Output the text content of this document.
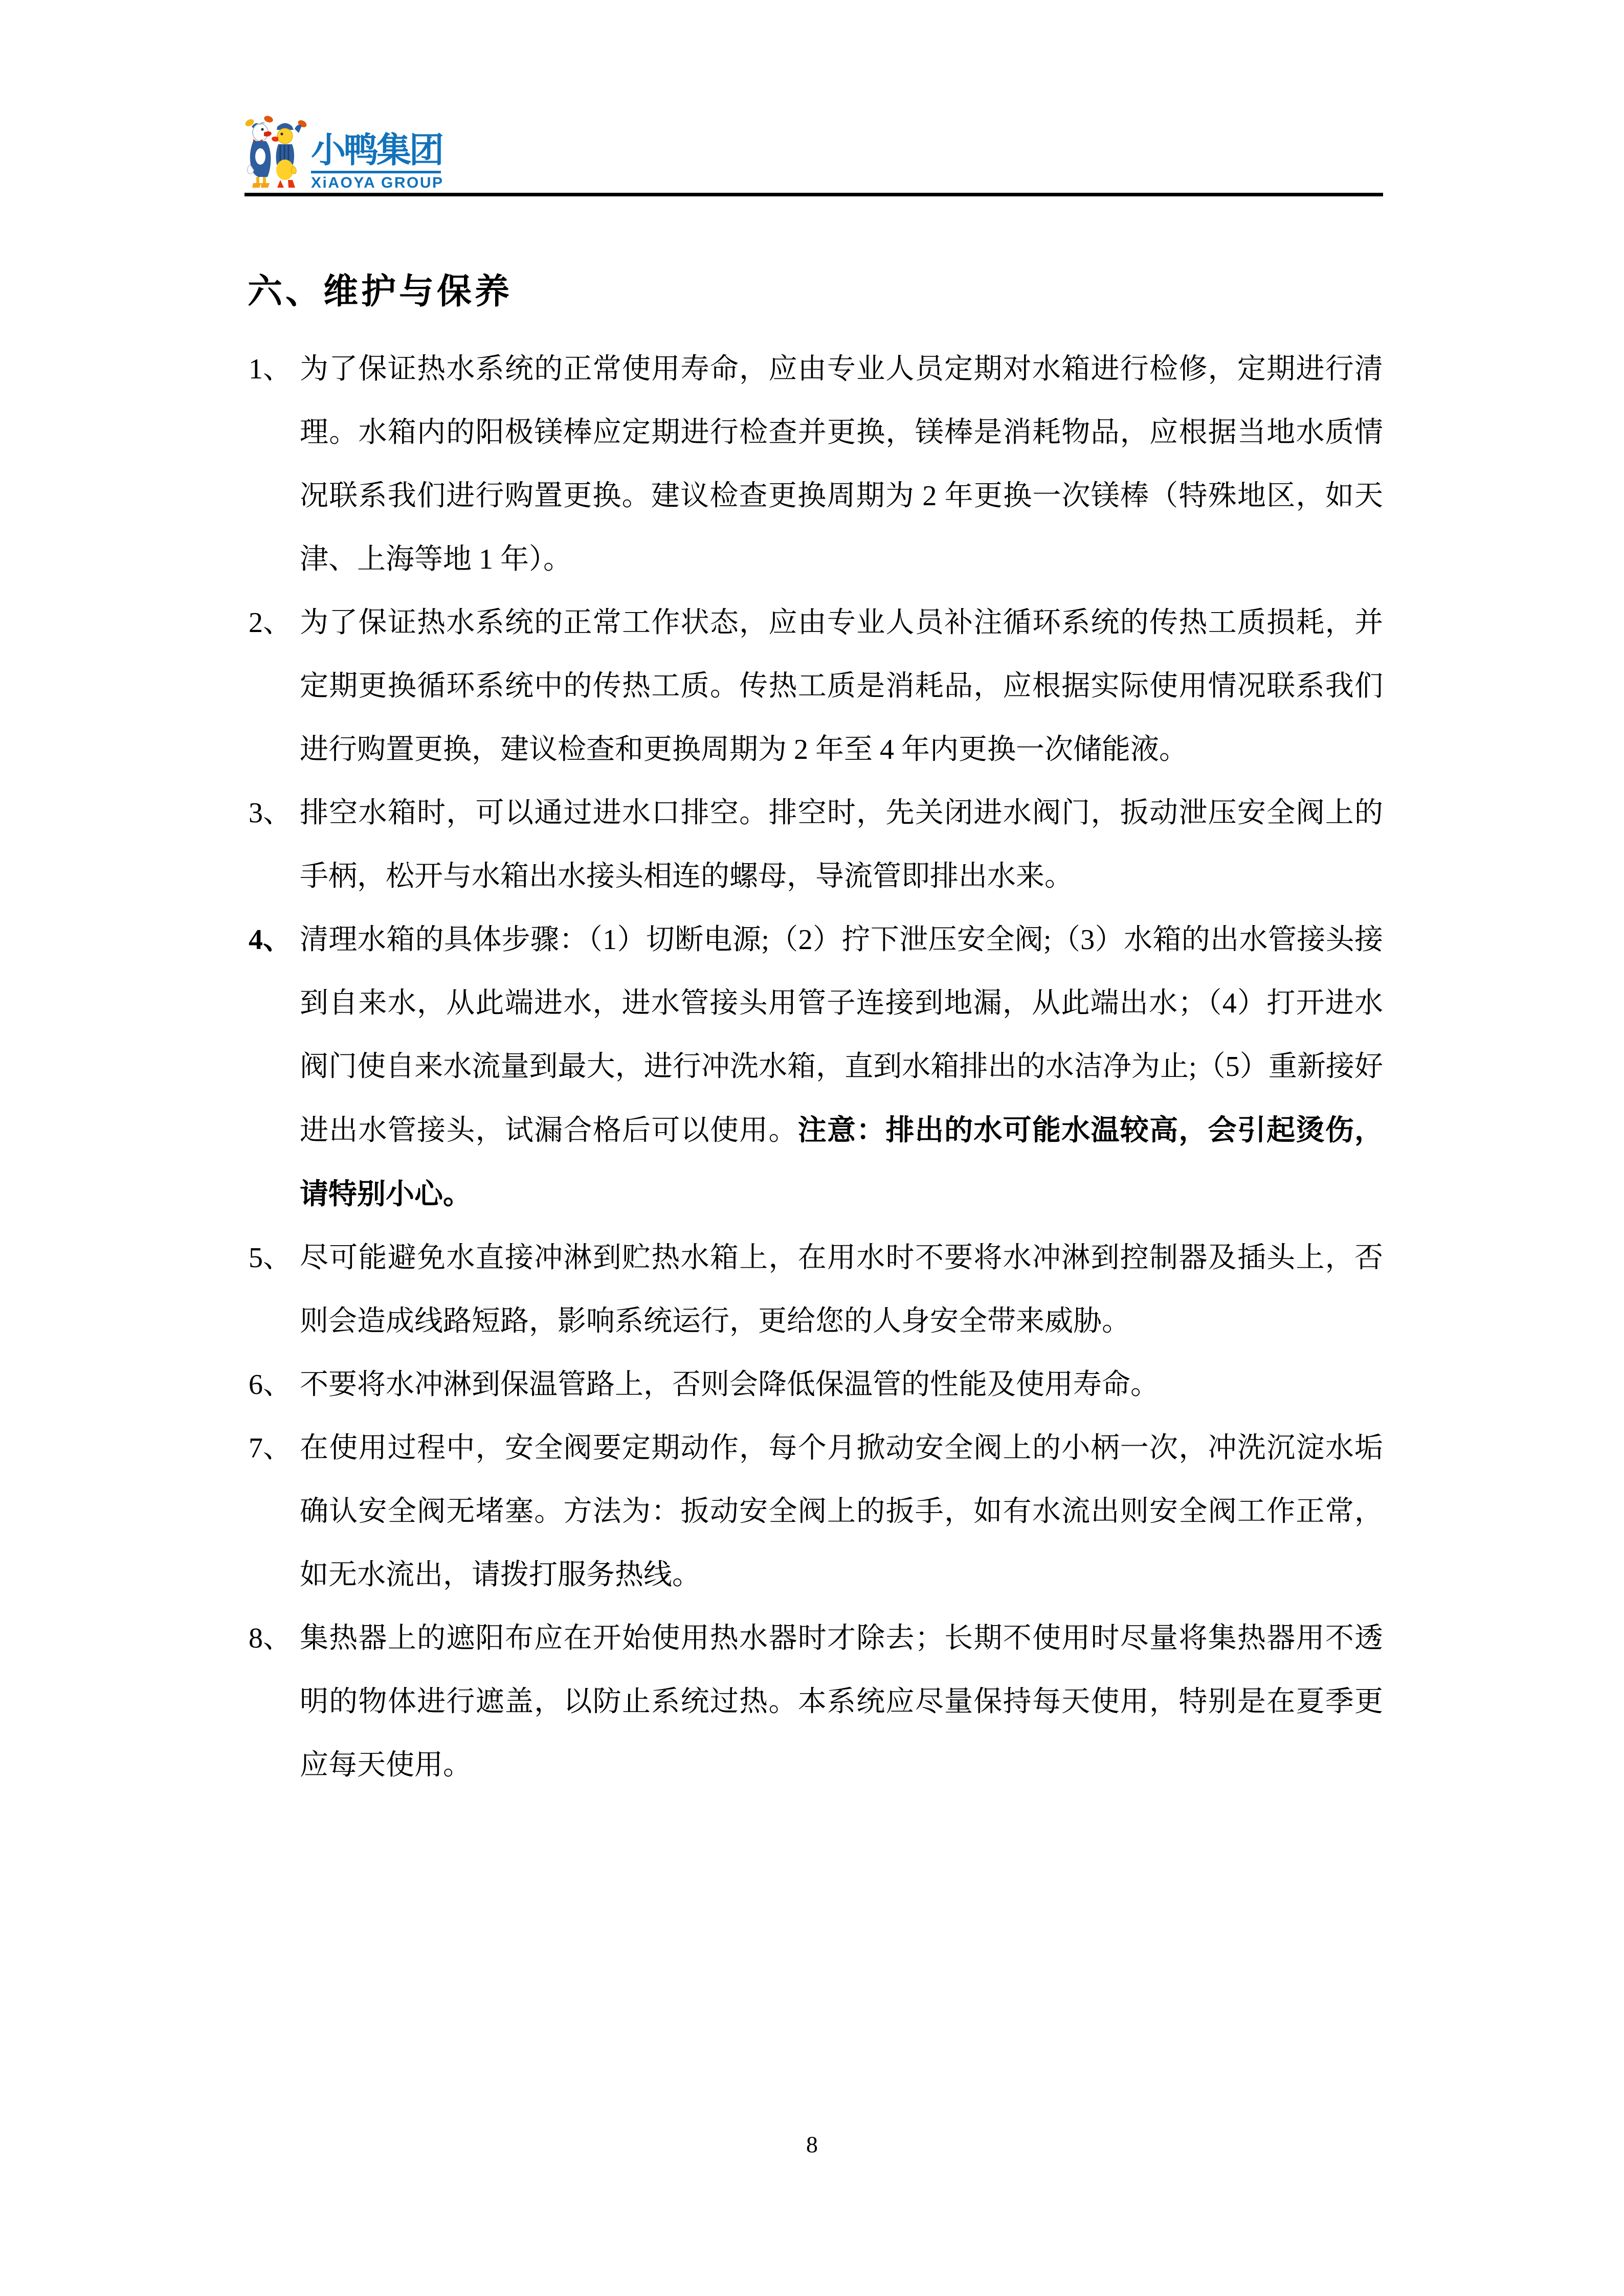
小鸭集团
XiAOYA GROUP
六、维护与保养
1、 为了保证热水系统的正常使用寿命，应由专业人员定期对水箱进行检修，定期进行清理。水箱内的阳极镁棒应定期进行检查并更换，镁棒是消耗物品，应根据当地水质情况联系我们进行购置更换。建议检查更换周期为 2 年更换一次镁棒（特殊地区，如天津、上海等地 1 年）。
2、 为了保证热水系统的正常工作状态，应由专业人员补注循环系统的传热工质损耗，并定期更换循环系统中的传热工质。传热工质是消耗品，应根据实际使用情况联系我们进行购置更换，建议检查和更换周期为 2 年至 4 年内更换一次储能液。
3、 排空水箱时，可以通过进水口排空。排空时，先关闭进水阀门，扳动泄压安全阀上的手柄，松开与水箱出水接头相连的螺母，导流管即排出水来。
4、 清理水箱的具体步骤：（1）切断电源;（2）拧下泄压安全阀;（3）水箱的出水管接头接到自来水，从此端进水，进水管接头用管子连接到地漏，从此端出水；（4）打开进水阀门使自来水流量到最大，进行冲洗水箱，直到水箱排出的水洁净为止;（5）重新接好进出水管接头，试漏合格后可以使用。注意：排出的水可能水温较高，会引起烫伤，请特别小心。
5、 尽可能避免水直接冲淋到贮热水箱上，在用水时不要将水冲淋到控制器及插头上，否则会造成线路短路，影响系统运行，更给您的人身安全带来威胁。
6、 不要将水冲淋到保温管路上，否则会降低保温管的性能及使用寿命。
7、 在使用过程中，安全阀要定期动作，每个月掀动安全阀上的小柄一次，冲洗沉淀水垢确认安全阀无堵塞。方法为：扳动安全阀上的扳手，如有水流出则安全阀工作正常，如无水流出，请拨打服务热线。
8、 集热器上的遮阳布应在开始使用热水器时才除去；长期不使用时尽量将集热器用不透明的物体进行遮盖，以防止系统过热。本系统应尽量保持每天使用，特别是在夏季更应每天使用。
8
